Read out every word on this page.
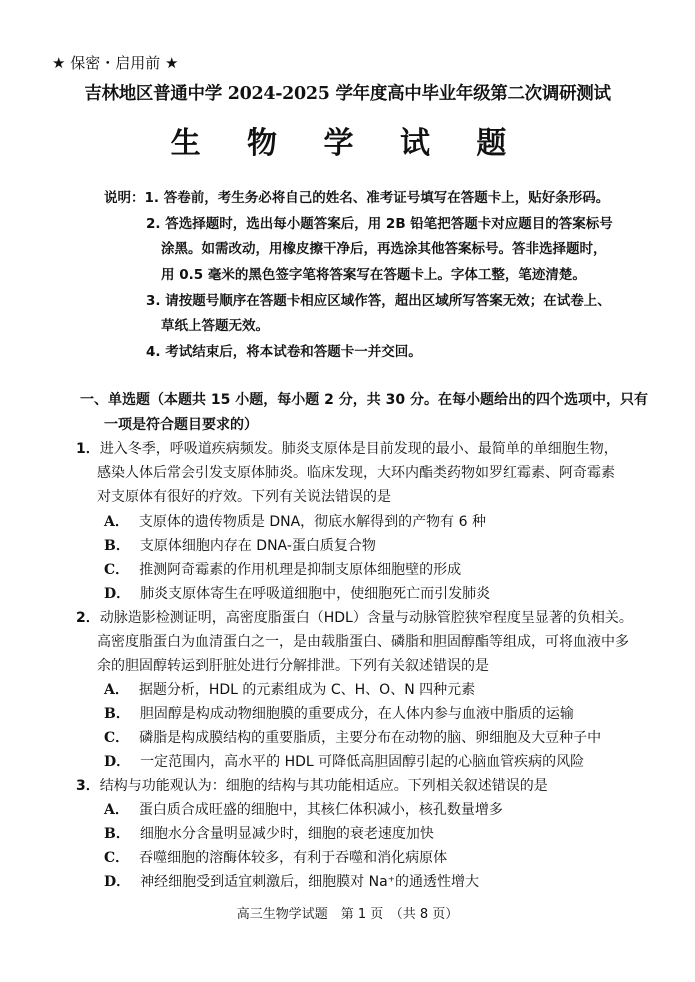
★ 保密・启用前 ★
吉林地区普通中学 2024-2025 学年度高中毕业年级第二次调研测试
生 物 学 试 题
说明：1. 答卷前，考生务必将自己的姓名、准考证号填写在答题卡上，贴好条形码。
2. 答选择题时，选出每小题答案后，用 2B 铅笔把答题卡对应题目的答案标号
涂黑。如需改动，用橡皮擦干净后，再选涂其他答案标号。答非选择题时，
用 0.5 毫米的黑色签字笔将答案写在答题卡上。字体工整，笔迹清楚。
3. 请按题号顺序在答题卡相应区域作答，超出区域所写答案无效；在试卷上、
草纸上答题无效。
4. 考试结束后，将本试卷和答题卡一并交回。
一、单选题（本题共 15 小题，每小题 2 分，共 30 分。在每小题给出的四个选项中，只有
一项是符合题目要求的）
1．进入冬季，呼吸道疾病频发。肺炎支原体是目前发现的最小、最简单的单细胞生物，
感染人体后常会引发支原体肺炎。临床发现，大环内酯类药物如罗红霉素、阿奇霉素
对支原体有很好的疗效。下列有关说法错误的是
A． 支原体的遗传物质是 DNA，彻底水解得到的产物有 6 种
B． 支原体细胞内存在 DNA-蛋白质复合物
C． 推测阿奇霉素的作用机理是抑制支原体细胞壁的形成
D． 肺炎支原体寄生在呼吸道细胞中，使细胞死亡而引发肺炎
2．动脉造影检测证明，高密度脂蛋白（HDL）含量与动脉管腔狭窄程度呈显著的负相关。
高密度脂蛋白为血清蛋白之一，是由载脂蛋白、磷脂和胆固醇酯等组成，可将血液中多
余的胆固醇转运到肝脏处进行分解排泄。下列有关叙述错误的是
A． 据题分析，HDL 的元素组成为 C、H、O、N 四种元素
B． 胆固醇是构成动物细胞膜的重要成分，在人体内参与血液中脂质的运输
C． 磷脂是构成膜结构的重要脂质，主要分布在动物的脑、卵细胞及大豆种子中
D． 一定范围内，高水平的 HDL 可降低高胆固醇引起的心脑血管疾病的风险
3．结构与功能观认为：细胞的结构与其功能相适应。下列相关叙述错误的是
A． 蛋白质合成旺盛的细胞中，其核仁体积减小，核孔数量增多
B． 细胞水分含量明显减少时，细胞的衰老速度加快
C． 吞噬细胞的溶酶体较多，有利于吞噬和消化病原体
D． 神经细胞受到适宜刺激后，细胞膜对 Na⁺的通透性增大
高三生物学试题　第 1 页　（共 8 页）
